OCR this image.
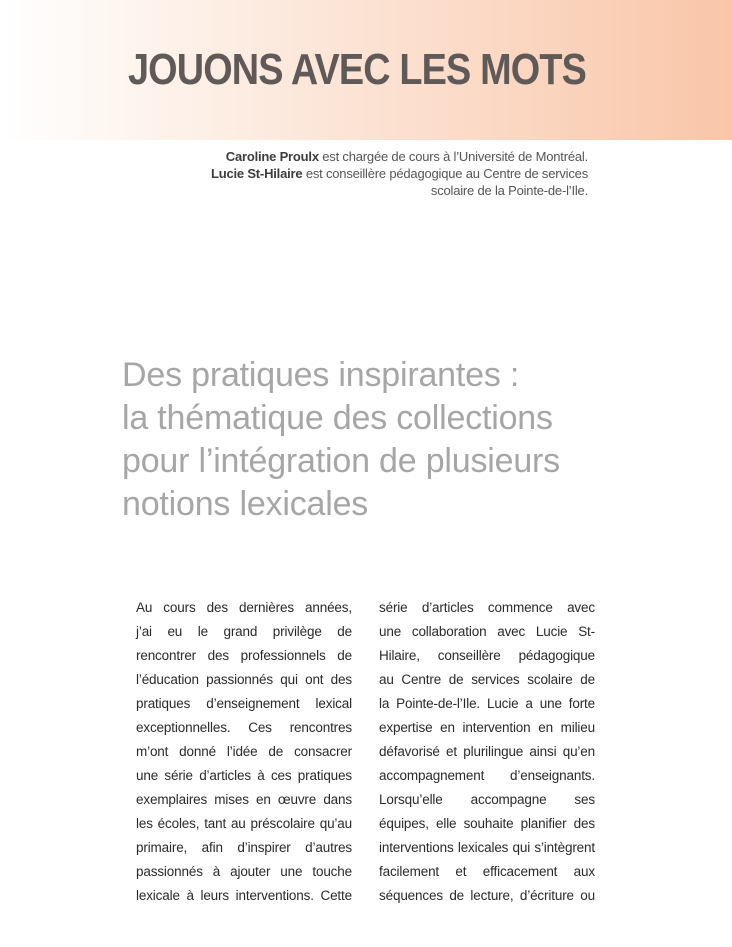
JOUONS AVEC LES MOTS
Caroline Proulx est chargée de cours à l’Université de Montréal.
Lucie St-Hilaire est conseillère pédagogique au Centre de services
scolaire de la Pointe-de-l’Ile.
Des pratiques inspirantes :
la thématique des collections
pour l’intégration de plusieurs
notions lexicales
Au cours des dernières années,
j’ai eu le grand privilège de
rencontrer des professionnels de
l’éducation passionnés qui ont des
pratiques d’enseignement lexical
exceptionnelles. Ces rencontres
m’ont donné l’idée de consacrer
une série d’articles à ces pratiques
exemplaires mises en œuvre dans
les écoles, tant au préscolaire qu’au
primaire, afin d’inspirer d’autres
passionnés à ajouter une touche
lexicale à leurs interventions. Cette
série d’articles commence avec
une collaboration avec Lucie St-
Hilaire, conseillère pédagogique
au Centre de services scolaire de
la Pointe-de-l’Ile. Lucie a une forte
expertise en intervention en milieu
défavorisé et plurilingue ainsi qu’en
accompagnement d’enseignants.
Lorsqu’elle accompagne ses
équipes, elle souhaite planifier des
interventions lexicales qui s’intègrent
facilement et efficacement aux
séquences de lecture, d’écriture ou
